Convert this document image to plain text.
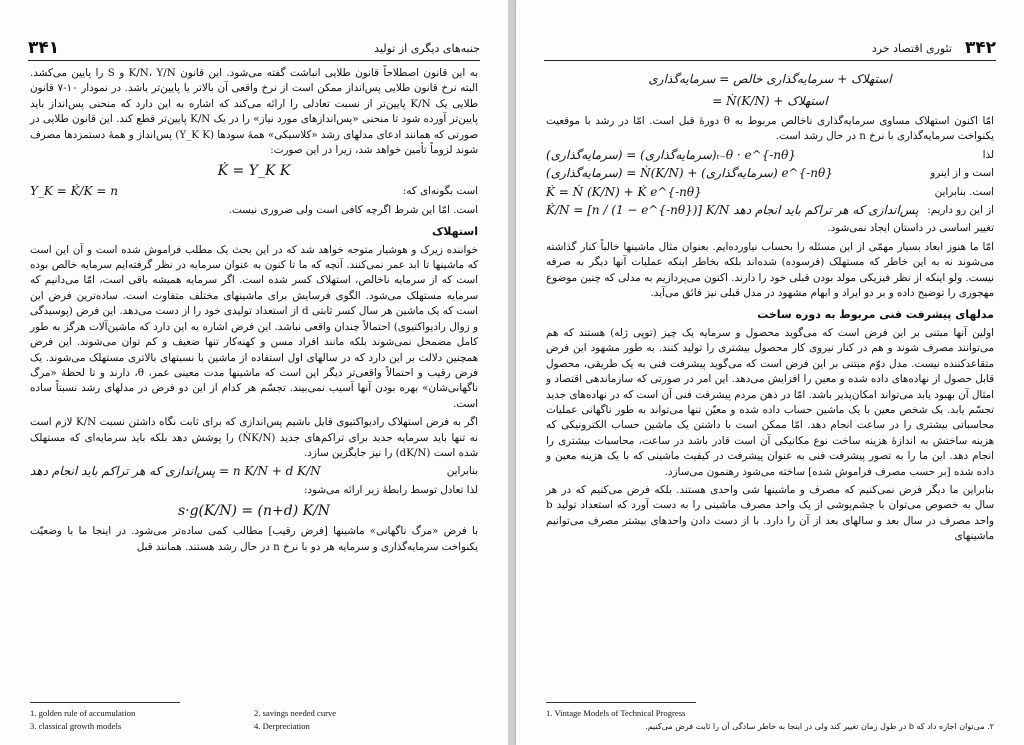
۳۴۱	جنبه‌های دیگری از تولید

به این قانون اصطلاحاً قانون طلایی انباشت گفته می‌شود. این قانون K/N، Y/N و S را پایین می‌کشد. البته نرخ قانون طلایی پس‌انداز ممکن است از نرخ واقعی آن بالاتر یا پایین‌تر باشد. در نمودار ۱۰-۷ قانون طلایی یک K/N پایین‌تر از نسبت تعادلی را ارائه می‌کند که اشاره به این دارد که منحنی پس‌انداز باید پایین‌تر آورده شود تا منحنی «پس‌اندازهای مورد نیاز» را در یک K/N پایین‌تر قطع کند. این قانون طلایی در صورتی که همانند ادعای مدلهای رشد «کلاسیکی» همهٔ سودها (Y_K K) پس‌انداز و همهٔ دستمزدها مصرف شوند لزوماً تأمین خواهد شد، زیرا در این صورت:

K̇ = Y_K K
است بگونه‌ای که:
Y_K = K̇/K = n

است. امّا این شرط اگرچه کافی است ولی ضروری نیست.

استهلاک

خواننده زیرک و هوشیار متوجه خواهد شد که در این بحث یک مطلب فراموش شده است و آن این است که ماشینها تا ابد عمر نمی‌کنند. آنچه که ما تا کنون به عنوان سرمایه در نظر گرفته‌ایم سرمایه خالص بوده است که از سرمایه ناخالص، استهلاک کسر شده است. اگر سرمایه همیشه باقی است، امّا می‌دانیم که سرمایه مستهلک می‌شود. الگوی فرسایش برای ماشینهای مختلف متفاوت است. ساده‌ترین فرض این است که یک ماشین هر سال کسر ثابتی d از استعداد تولیدی خود را از دست می‌دهد. این فرض (پوسیدگی و زوال رادیواکتیوی) احتمالاً چندان واقعی نباشد. این فرض اشاره به این دارد که ماشین‌آلات هرگز به طور کامل مضمحل نمی‌شوند بلکه مانند افراد مسن و کهنه‌کار تنها ضعیف و کم توان می‌شوند. این فرض همچنین دلالت بر این دارد که در سالهای اول استفاده از ماشین با نسبتهای بالاتری مستهلک می‌شوند. یک فرض رقیب و احتمالاً واقعی‌تر دیگر این است که ماشینها مدت معینی عمر، θ، دارند و تا لحظهٔ «مرگ ناگهانی‌شان» بهره بودن آنها آسیب نمی‌بیند. تجسّم هر کدام از این دو فرض در مدلهای رشد نسبتاً ساده است.

اگر به فرض استهلاک رادیواکتیوی قایل باشیم پس‌اندازی که برای ثابت نگاه داشتن نسبت K/N لازم است نه تنها باید سرمایه جدید برای تراکم‌های جدید (ṄK/N) را پوشش دهد بلکه باید سرمایه‌ای که مستهلک شده است (dK/N) را نیز جایگزین سازد.

بنابراین
پس‌اندازی که هر تراکم باید انجام دهد = n K/N + d K/N

لذا تعادل توسط رابطهٔ زیر ارائه می‌شود:

s·g(K/N) = (n+d) K/N

با فرض «مرگ ناگهانی» ماشینها [فرض رقیب] مطالب کمی ساده‌تر می‌شود. در اینجا ما با وضعیّت یکنواخت سرمایه‌گذاری و سرمایه هر دو با نرخ n در حال رشد هستند. همانند قبل

1. golden rule of accumulation	2. savings needed curve
3. classical growth models	4. Derpreciation
۳۴۲
تئوری اقتصاد خرد
استهلاک + سرمایه‌گذاری خالص = سرمایه‌گذاری
= Ṅ(K/N) + استهلاک

امّا اکنون استهلاک مساوی سرمایه‌گذاری ناخالص مربوط به θ دورهٔ قبل است. امّا در رشد با موقعیت یکنواخت سرمایه‌گذاری با نرخ n در حال رشد است.

لذا
(سرمایه‌گذاری) = (سرمایه‌گذاری)ₜ₋θ · e^{-nθ}
است و از اینرو
(سرمایه‌گذاری) = Ṅ(K/N) + (سرمایه‌گذاری) e^{-nθ}
است. بنابراین
K̇ = Ṅ (K/N) + K̇ e^{-nθ}
از این رو داریم:
K̇/N = [n / (1 − e^{-nθ})] K/N پس‌اندازی که هر تراکم باید انجام دهد

تغییر اساسی در داستان ایجاد نمی‌شود.

امّا ما هنوز ابعاد بسیار مهمّی از این مسئله را بحساب نیاورده‌ایم. بعنوان مثال ماشینها خالباً کنار گذاشته می‌شوند نه به این خاطر که مستهلک (فرسوده) شده‌اند بلکه بخاطر اینکه عملیات آنها دیگر به صرفه نیست. ولو اینکه از نظر فیزیکی مولد بودن قبلی خود را دارند. اکنون می‌پردازیم به مدلی که چنین موضوع مهجوری را توضیح داده و بر دو ایراد و ابهام مشهود در مدل قبلی نیز فائق می‌آید.

مدلهای پیشرفت فنی مربوط به دوره ساخت

اولین آنها مبتنی بر این فرض است که می‌گوید محصول و سرمایه یک چیز (توپی ژله) هستند که هم می‌توانند مصرف شوند و هم در کنار نیروی کار محصول بیشتری را تولید کنند. به طور مشهود این فرض متقاعدکننده نیست. مدل دوّم مبتنی بر این فرض است که می‌گوید پیشرفت فنی به یک طریقی، محصول قابل حصول از نهاده‌های داده شده و معین را افزایش می‌دهد. این امر در صورتی که سازماندهی اقتصاد و امثال آن بهبود یابد می‌تواند امکان‌پذیر باشد. امّا در ذهن مردم پیشرفت فنی آن است که در نهاده‌های جدید تجسّم یابد. یک شخص معین با یک ماشین حساب داده شده و معیّن تنها می‌تواند به طور ناگهانی عملیات محاسباتی بیشتری را در ساعت انجام دهد. امّا ممکن است با داشتن یک ماشین حساب الکترونیکی که هزینه ساختش به اندازهٔ هزینه ساخت نوع مکانیکی آن است قادر باشد در ساعت، محاسبات بیشتری را انجام دهد. این ما را به تصور پیشرفت فنی به عنوان پیشرفت در کیفیت ماشینی که با یک هزینه معین و داده شده [بر حسب مصرف فراموش شده] ساخته می‌شود رهنمون می‌سازد.

بنابراین ما دیگر فرض نمی‌کنیم که مصرف و ماشینها شی واحدی هستند. بلکه فرض می‌کنیم که در هر سال به خصوص می‌توان با چشم‌پوشی از یک واحد مصرف ماشینی را به دست آورد که استعداد تولید b واحد مصرف در سال بعد و سالهای بعد از آن را دارد. با از دست دادن واحدهای بیشتر مصرف می‌توانیم ماشینهای

1. Vintage Models of Technical Progress
۲. می‌توان اجازه داد که b در طول زمان تغییر کند ولی در اینجا به خاطر سادگی آن را ثابت فرض می‌کنیم.
